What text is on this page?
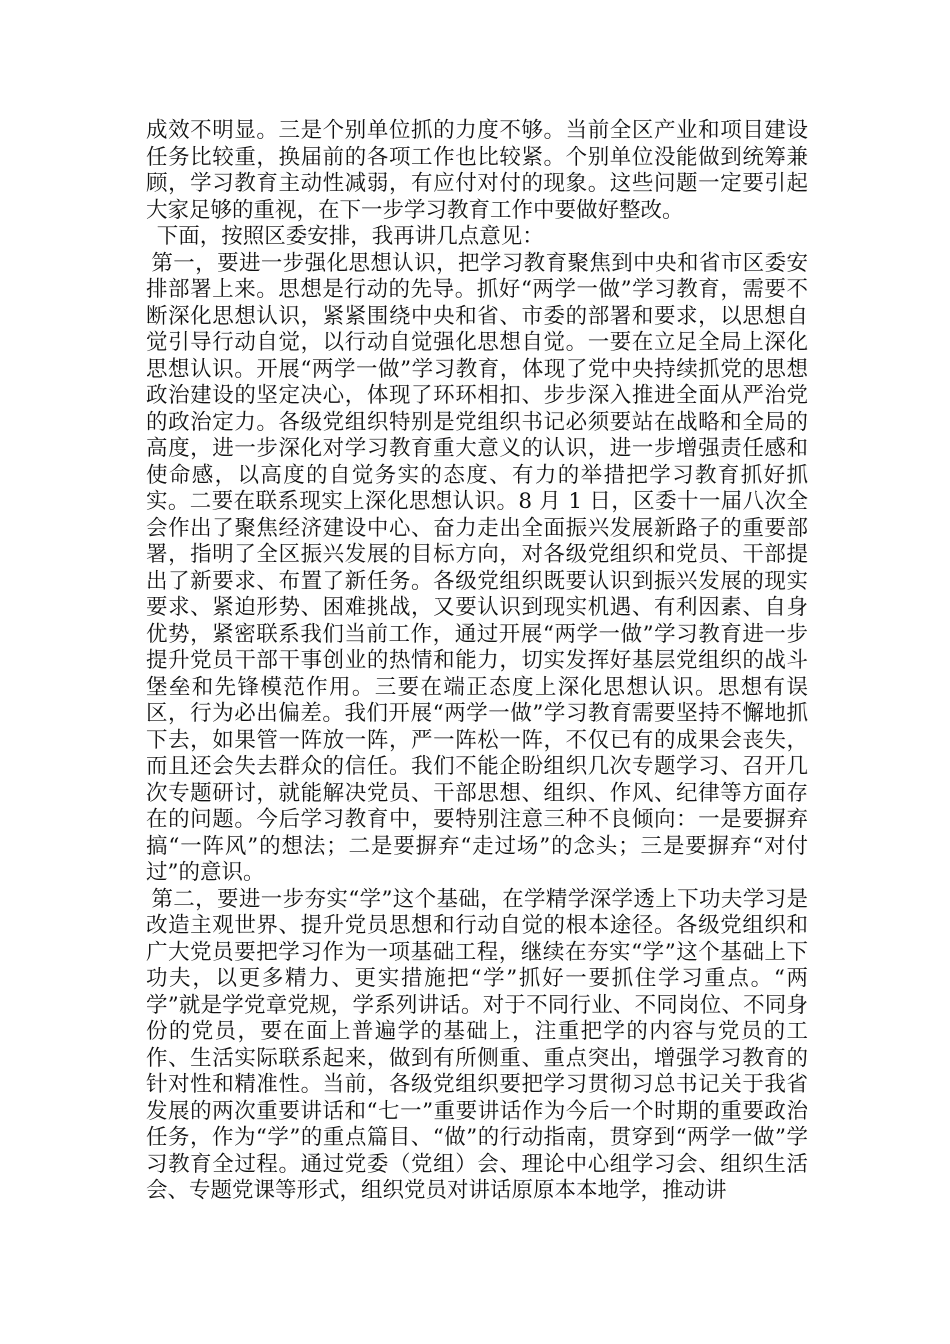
成效不明显。三是个别单位抓的力度不够。当前全区产业和项目建设任务比较重，换届前的各项工作也比较紧。个别单位没能做到统筹兼顾，学习教育主动性减弱，有应付对付的现象。这些问题一定要引起大家足够的重视，在下一步学习教育工作中要做好整改。

下面，按照区委安排，我再讲几点意见：

第一，要进一步强化思想认识，把学习教育聚焦到中央和省市区委安排部署上来。思想是行动的先导。抓好“两学一做”学习教育，需要不断深化思想认识，紧紧围绕中央和省、市委的部署和要求，以思想自觉引导行动自觉，以行动自觉强化思想自觉。一要在立足全局上深化思想认识。开展“两学一做”学习教育，体现了党中央持续抓党的思想政治建设的坚定决心，体现了环环相扣、步步深入推进全面从严治党的政治定力。各级党组织特别是党组织书记必须要站在战略和全局的高度，进一步深化对学习教育重大意义的认识，进一步增强责任感和使命感，以高度的自觉务实的态度、有力的举措把学习教育抓好抓实。二要在联系现实上深化思想认识。8 月 1 日，区委十一届八次全会作出了聚焦经济建设中心、奋力走出全面振兴发展新路子的重要部署，指明了全区振兴发展的目标方向，对各级党组织和党员、干部提出了新要求、布置了新任务。各级党组织既要认识到振兴发展的现实要求、紧迫形势、困难挑战，又要认识到现实机遇、有利因素、自身优势，紧密联系我们当前工作，通过开展“两学一做”学习教育进一步提升党员干部干事创业的热情和能力，切实发挥好基层党组织的战斗堡垒和先锋模范作用。三要在端正态度上深化思想认识。思想有误区，行为必出偏差。我们开展“两学一做”学习教育需要坚持不懈地抓下去，如果管一阵放一阵，严一阵松一阵，不仅已有的成果会丧失，而且还会失去群众的信任。我们不能企盼组织几次专题学习、召开几次专题研讨，就能解决党员、干部思想、组织、作风、纪律等方面存在的问题。今后学习教育中，要特别注意三种不良倾向：一是要摒弃搞“一阵风”的想法；二是要摒弃“走过场”的念头；三是要摒弃“对付过”的意识。

第二，要进一步夯实“学”这个基础，在学精学深学透上下功夫学习是改造主观世界、提升党员思想和行动自觉的根本途径。各级党组织和广大党员要把学习作为一项基础工程，继续在夯实“学”这个基础上下功夫，以更多精力、更实措施把“学”抓好一要抓住学习重点。“两学”就是学党章党规，学系列讲话。对于不同行业、不同岗位、不同身份的党员，要在面上普遍学的基础上，注重把学的内容与党员的工作、生活实际联系起来，做到有所侧重、重点突出，增强学习教育的针对性和精准性。当前，各级党组织要把学习贯彻习总书记关于我省发展的两次重要讲话和“七一”重要讲话作为今后一个时期的重要政治任务，作为“学”的重点篇目、“做”的行动指南，贯穿到“两学一做”学习教育全过程。通过党委（党组）会、理论中心组学习会、组织生活会、专题党课等形式，组织党员对讲话原原本本地学，推动讲
